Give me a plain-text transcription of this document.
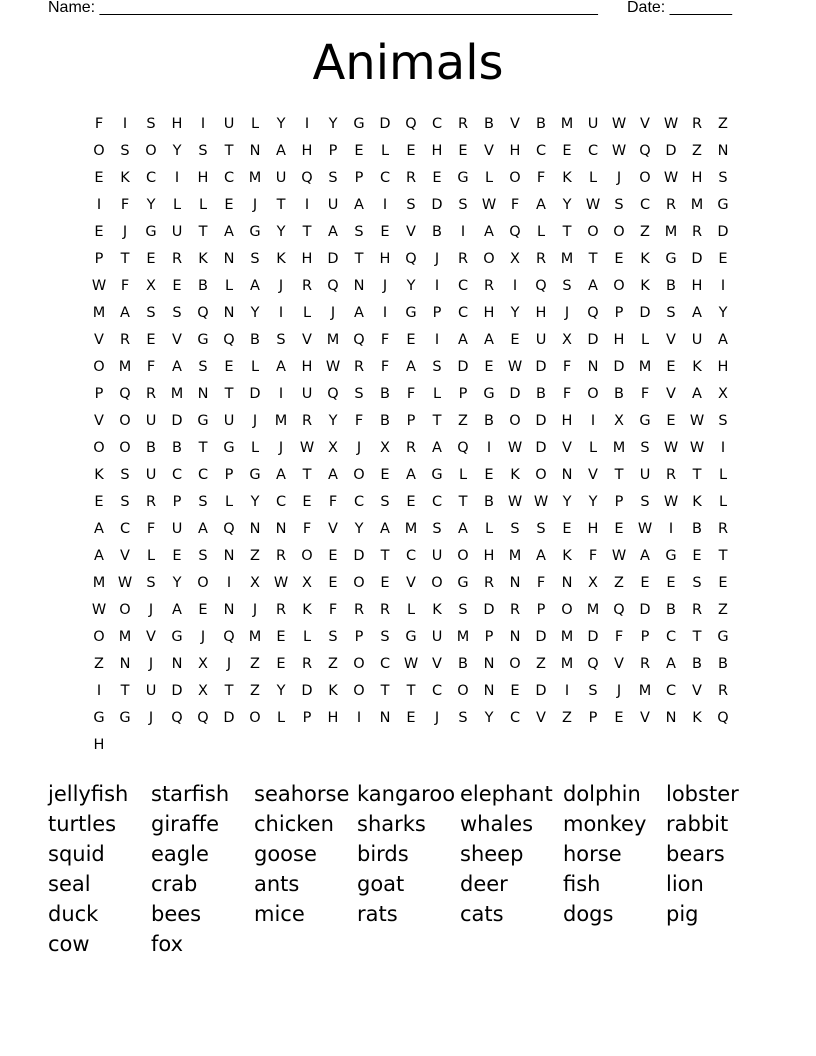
Name: ________________________________________________________ Date: _______
Animals
F	I	S	H	I	U	L	Y	I	Y	G	D	Q	C	R	B	V	B	M U W V W R	Z
O	S	O	Y	S	T	N	A	H	P	E	L	E	H	E	V	H	C	E	C W Q	D	Z	N
E	K	C	I	H	C	M U	Q	S	P	C	R	E	G	L	O	F	K	L	J	O W H	S
I	F	Y	L	L	E	J	T	I	U	A	I	S	D	S W	F	A	Y W S	C	R	M G
E	J	G	U	T	A	G	Y	T	A	S	E	V	B	I	A	Q	L	T	O	O	Z	M	R	D
P	T	E	R	K	N	S	K	H	D	T	H	Q	J	R	O	X	R	M	T	E	K	G	D	E
W	F	X	E	B	L	A	J	R	Q	N	J	Y	I	C	R	I	Q	S	A	O	K	B	H	I
M	A	S	S	Q	N	Y	I	L	J	A	I	G	P	C	H	Y	H	J	Q	P	D	S	A	Y
V	R	E	V	G	Q	B	S	V	M Q	F	E	I	A	A	E	U	X	D	H	L	V	U	A
O M	F	A	S	E	L	A	H W R	F	A	S	D	E W D	F	N	D M	E	K	H
P	Q	R	M N	T	D	I	U	Q	S	B	F	L	P	G	D	B	F	O	B	F	V	A	X
V	O	U	D	G	U	J	M	R	Y	F	B	P	T	Z	B	O	D	H	I	X	G	E W S
O	O	B	B	T	G	L	J	W X	J	X	R	A	Q	I	W D	V	L	M	S W W	I
K	S	U	C	C	P	G	A	T	A	O	E	A	G	L	E	K	O	N	V	T	U	R	T	L
E	S	R	P	S	L	Y	C	E	F	C	S	E	C	T	B W W Y	Y	P	S W K	L
A	C	F	U	A	Q	N	N	F	V	Y	A	M	S	A	L	S	S	E	H	E W	I	B	R
A	V	L	E	S	N	Z	R	O	E	D	T	C	U	O	H M	A	K	F	W A	G	E	T
M W S	Y	O	I	X W X	E	O	E	V	O	G	R	N	F	N	X	Z	E	E	S	E
W O	J	A	E	N	J	R	K	F	R	R	L	K	S	D	R	P	O M Q	D	B	R	Z
O M	V	G	J	Q M	E	L	S	P	S	G	U M	P	N	D M D	F	P	C	T	G
Z	N	J	N	X	J	Z	E	R	Z	O	C W V	B	N	O	Z	M Q	V	R	A	B	B
I	T	U	D	X	T	Z	Y	D	K	O	T	T	C	O	N	E	D	I	S	J	M	C	V	R
G	G	J	Q	Q	D	O	L	P	H	I	N	E	J	S	Y	C	V	Z	P	E	V	N	K	Q
H
jellyfish	starfish	seahorse kangaroo elephant dolphin	lobster
turtles	giraffe	chicken	sharks	whales	monkey rabbit
squid	eagle	goose	birds	sheep	horse	bears
seal	crab	ants	goat	deer	fish	lion
duck	bees	mice	rats	cats	dogs	pig
cow	fox
